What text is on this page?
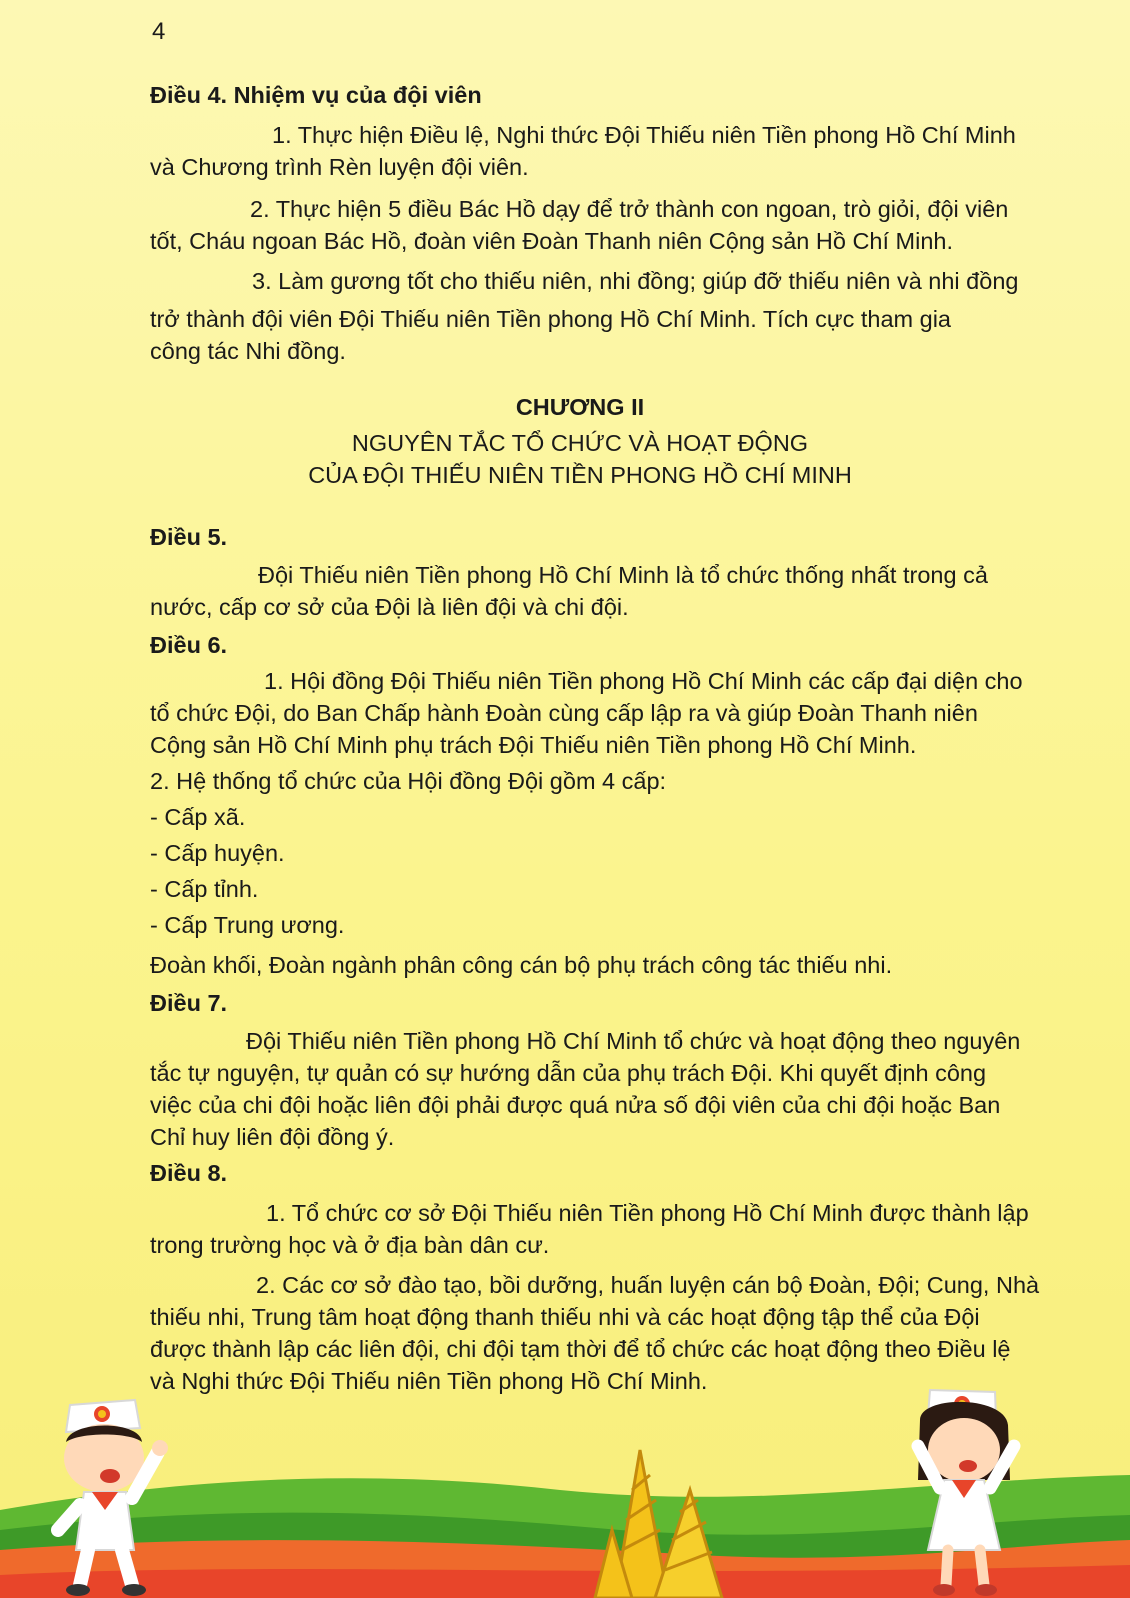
4
Điều 4. Nhiệm vụ của đội viên
1. Thực hiện Điều lệ, Nghi thức Đội Thiếu niên Tiền phong Hồ Chí Minh
và Chương trình Rèn luyện đội viên.
2. Thực hiện 5 điều Bác Hồ dạy để trở thành con ngoan, trò giỏi, đội viên
tốt, Cháu ngoan Bác Hồ, đoàn viên Đoàn Thanh niên Cộng sản Hồ Chí Minh.
3. Làm gương tốt cho thiếu niên, nhi đồng; giúp đỡ thiếu niên và nhi đồng
trở thành đội viên Đội Thiếu niên Tiền phong Hồ Chí Minh. Tích cực tham gia
công tác Nhi đồng.
CHƯƠNG II
NGUYÊN TẮC TỔ CHỨC VÀ HOẠT ĐỘNG
CỦA ĐỘI THIẾU NIÊN TIỀN PHONG HỒ CHÍ MINH
Điều 5.
Đội Thiếu niên Tiền phong Hồ Chí Minh là tổ chức thống nhất trong cả
nước, cấp cơ sở của Đội là liên đội và chi đội.
Điều 6.
1. Hội đồng Đội Thiếu niên Tiền phong Hồ Chí Minh các cấp đại diện cho
tổ chức Đội, do Ban Chấp hành Đoàn cùng cấp lập ra và giúp Đoàn Thanh niên
Cộng sản Hồ Chí Minh phụ trách Đội Thiếu niên Tiền phong Hồ Chí Minh.
2. Hệ thống tổ chức của Hội đồng Đội gồm 4 cấp:
- Cấp xã.
- Cấp huyện.
- Cấp tỉnh.
- Cấp Trung ương.
Đoàn khối, Đoàn ngành phân công cán bộ phụ trách công tác thiếu nhi.
Điều 7.
Đội Thiếu niên Tiền phong Hồ Chí Minh tổ chức và hoạt động theo nguyên
tắc tự nguyện, tự quản có sự hướng dẫn của phụ trách Đội. Khi quyết định công
việc của chi đội hoặc liên đội phải được quá nửa số đội viên của chi đội hoặc Ban
Chỉ huy liên đội đồng ý.
Điều 8.
1. Tổ chức cơ sở Đội Thiếu niên Tiền phong Hồ Chí Minh được thành lập
trong trường học và ở địa bàn dân cư.
2. Các cơ sở đào tạo, bồi dưỡng, huấn luyện cán bộ Đoàn, Đội; Cung, Nhà
thiếu nhi, Trung tâm hoạt động thanh thiếu nhi và các hoạt động tập thể của Đội
được thành lập các liên đội, chi đội tạm thời để tổ chức các hoạt động theo Điều lệ
và Nghi thức Đội Thiếu niên Tiền phong Hồ Chí Minh.
